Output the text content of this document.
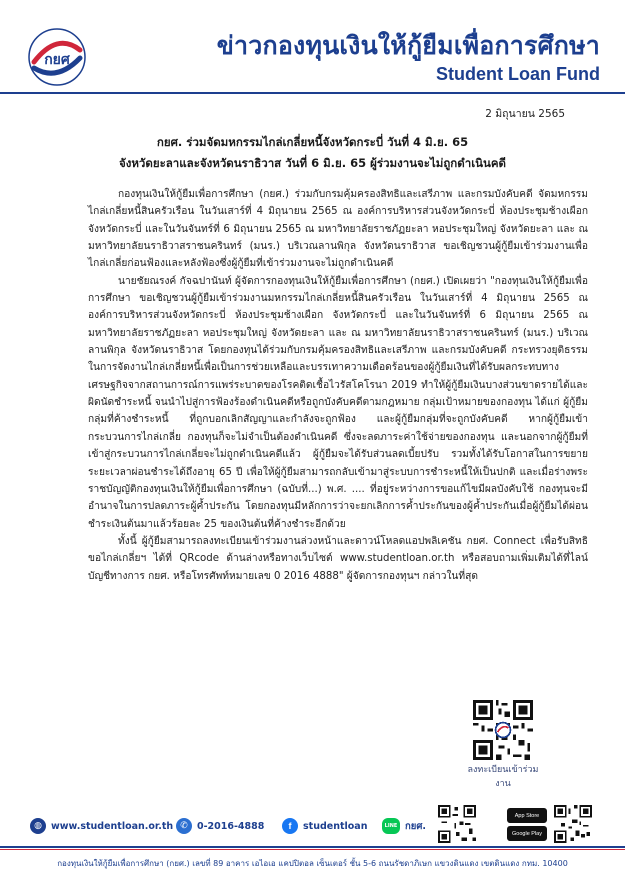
กยศ	ข่าวกองทุนเงินให้กู้ยืมเพื่อการศึกษา
Student Loan Fund
2 มิถุนายน 2565
กยศ. ร่วมจัดมหกรรมไกล่เกลี่ยหนี้จังหวัดกระบี่ วันที่ 4 มิ.ย. 65
จังหวัดยะลาและจังหวัดนราธิวาส วันที่ 6 มิ.ย. 65 ผู้ร่วมงานจะไม่ถูกดำเนินคดี

กองทุนเงินให้กู้ยืมเพื่อการศึกษา (กยศ.) ร่วมกับกรมคุ้มครองสิทธิและเสรีภาพ และกรมบังคับคดี จัดมหกรรมไกล่เกลี่ยหนี้สินครัวเรือน ในวันเสาร์ที่ 4 มิถุนายน 2565 ณ องค์การบริหารส่วนจังหวัดกระบี่ ห้องประชุมช้างเผือก จังหวัดกระบี่ และในวันจันทร์ที่ 6 มิถุนายน 2565 ณ มหาวิทยาลัยราชภัฏยะลา หอประชุมใหญ่ จังหวัดยะลา และ ณ มหาวิทยาลัยนราธิวาสราชนครินทร์ (มนร.) บริเวณลานพิกุล จังหวัดนราธิวาส ขอเชิญชวนผู้กู้ยืมเข้าร่วมงานเพื่อไกล่เกลี่ยก่อนฟ้องและหลังฟ้องซึ่งผู้กู้ยืมที่เข้าร่วมงานจะไม่ถูกดำเนินคดี

นายชัยณรงค์ กัจฉปานันท์ ผู้จัดการกองทุนเงินให้กู้ยืมเพื่อการศึกษา (กยศ.) เปิดเผยว่า "กองทุนเงินให้กู้ยืมเพื่อการศึกษา ขอเชิญชวนผู้กู้ยืมเข้าร่วมงานมหกรรมไกล่เกลี่ยหนี้สินครัวเรือน ในวันเสาร์ที่ 4 มิถุนายน 2565 ณ องค์การบริหารส่วนจังหวัดกระบี่ ห้องประชุมช้างเผือก จังหวัดกระบี่ และในวันจันทร์ที่ 6 มิถุนายน 2565 ณ มหาวิทยาลัยราชภัฏยะลา หอประชุมใหญ่ จังหวัดยะลา และ ณ มหาวิทยาลัยนราธิวาสราชนครินทร์ (มนร.) บริเวณลานพิกุล จังหวัดนราธิวาส โดยกองทุนได้ร่วมกับกรมคุ้มครองสิทธิและเสรีภาพ และกรมบังคับคดี กระทรวงยุติธรรม ในการจัดงานไกล่เกลี่ยหนี้เพื่อเป็นการช่วยเหลือและบรรเทาความเดือดร้อนของผู้กู้ยืมเงินที่ได้รับผลกระทบทางเศรษฐกิจจากสถานการณ์การแพร่ระบาดของโรคติดเชื้อไวรัสโคโรนา 2019 ทำให้ผู้กู้ยืมเงินบางส่วนขาดรายได้และผิดนัดชำระหนี้ จนนำไปสู่การฟ้องร้องดำเนินคดีหรือถูกบังคับคดีตามกฎหมาย กลุ่มเป้าหมายของกองทุน ได้แก่ ผู้กู้ยืมกลุ่มที่ค้างชำระหนี้ ที่ถูกบอกเลิกสัญญาและกำลังจะถูกฟ้อง และผู้กู้ยืมกลุ่มที่จะถูกบังคับคดี หากผู้กู้ยืมเข้ากระบวนการไกล่เกลี่ย กองทุนก็จะไม่จำเป็นต้องดำเนินคดี ซึ่งจะลดภาระค่าใช้จ่ายของกองทุน และนอกจากผู้กู้ยืมที่เข้าสู่กระบวนการไกล่เกลี่ยจะไม่ถูกดำเนินคดีแล้ว ผู้กู้ยืมจะได้รับส่วนลดเบี้ยปรับ รวมทั้งได้รับโอกาสในการขยายระยะเวลาผ่อนชำระได้ถึงอายุ 65 ปี เพื่อให้ผู้กู้ยืมสามารถกลับเข้ามาสู่ระบบการชำระหนี้ให้เป็นปกติ และเมื่อร่างพระราชบัญญัติกองทุนเงินให้กู้ยืมเพื่อการศึกษา (ฉบับที่...) พ.ศ. .... ที่อยู่ระหว่างการขอแก้ไขมีผลบังคับใช้ กองทุนจะมีอำนาจในการปลดภาระผู้ค้ำประกัน โดยกองทุนมีหลักการว่าจะยกเลิกการค้ำประกันของผู้ค้ำประกันเมื่อผู้กู้ยืมได้ผ่อนชำระเงินต้นมาแล้วร้อยละ 25 ของเงินต้นที่ค้างชำระอีกด้วย

ทั้งนี้ ผู้กู้ยืมสามารถลงทะเบียนเข้าร่วมงานล่วงหน้าและดาวน์โหลดแอปพลิเคชัน กยศ. Connect เพื่อรับสิทธิขอไกล่เกลี่ยฯ ได้ที่ QRcode ด้านล่างหรือทางเว็บไซต์ www.studentloan.or.th หรือสอบถามเพิ่มเติมได้ที่ไลน์บัญชีทางการ กยศ. หรือโทรศัพท์หมายเลข 0 2016 4888" ผู้จัดการกองทุนฯ กล่าวในที่สุด

ลงทะเบียนเข้าร่วมงาน
◍ www.studentloan.or.th ✆ 0-2016-4888	f	studentloan	LINE กยศ.
App Store
Google Play
กองทุนเงินให้กู้ยืมเพื่อการศึกษา (กยศ.) เลขที่ 89 อาคาร เอไอเอ แคปปิตอล เซ็นเตอร์ ชั้น 5-6 ถนนรัชดาภิเษก แขวงดินแดง เขตดินแดง กทม. 10400
